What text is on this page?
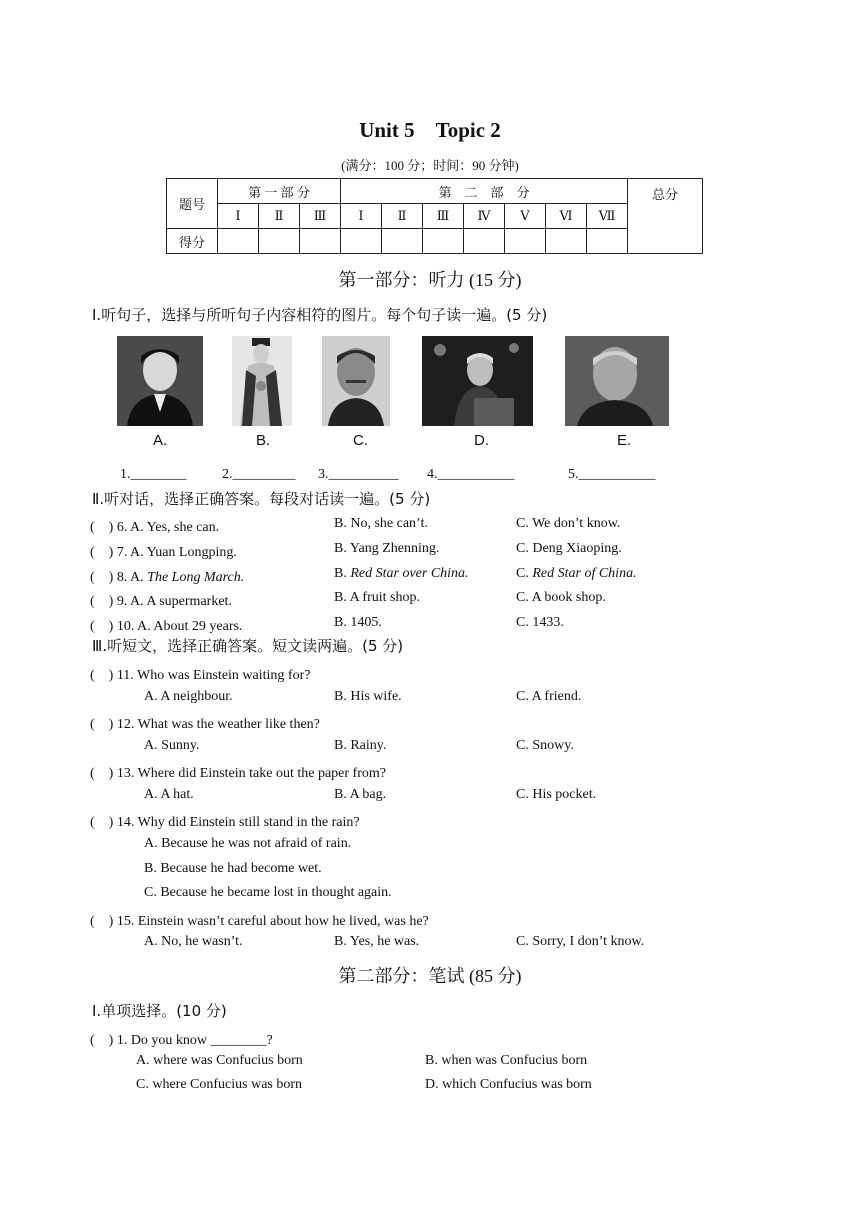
Unit 5　Topic 2
(满分：100 分；时间：90 分钟)
题号	第 一 部 分			第　二　部　分							总分
	Ⅰ	Ⅱ	Ⅲ	Ⅰ	Ⅱ	Ⅲ	Ⅳ	Ⅴ	Ⅵ	Ⅶ	
得分											
第一部分：听力 (15 分)
Ⅰ.听句子，选择与所听句子内容相符的图片。每个句子读一遍。(5 分)
A.	B.	C.	D.	E.
1.________	2._________ 3.__________ 4.___________	5.___________
Ⅱ.听对话，选择正确答案。每段对话读一遍。(5 分)
(　) 6. A. Yes, she can.	B. No, she can’t.	C. We don’t know.
(　) 7. A. Yuan Longping.	B. Yang Zhenning.	C. Deng Xiaoping.
(　) 8. A. The Long March.	B. Red Star over China.	C. Red Star of China.
(　) 9. A. A supermarket.	B. A fruit shop.	C. A book shop.
(　) 10. A. About 29 years.	B. 1405.	C. 1433.
Ⅲ.听短文，选择正确答案。短文读两遍。(5 分)
(　) 11. Who was Einstein waiting for?
A. A neighbour.	B. His wife.	C. A friend.
(　) 12. What was the weather like then?
A. Sunny.	B. Rainy.	C. Snowy.
(　) 13. Where did Einstein take out the paper from?
A. A hat.	B. A bag.	C. His pocket.
(　) 14. Why did Einstein still stand in the rain?
A. Because he was not afraid of rain.
B. Because he had become wet.
C. Because he became lost in thought again.
(　) 15. Einstein wasn’t careful about how he lived, was he?
A. No, he wasn’t.	B. Yes, he was.	C. Sorry, I don’t know.
第二部分：笔试 (85 分)
Ⅰ.单项选择。(10 分)
(　) 1. Do you know ________?
A. where was Confucius born	B. when was Confucius born
C. where Confucius was born	D. which Confucius was born
